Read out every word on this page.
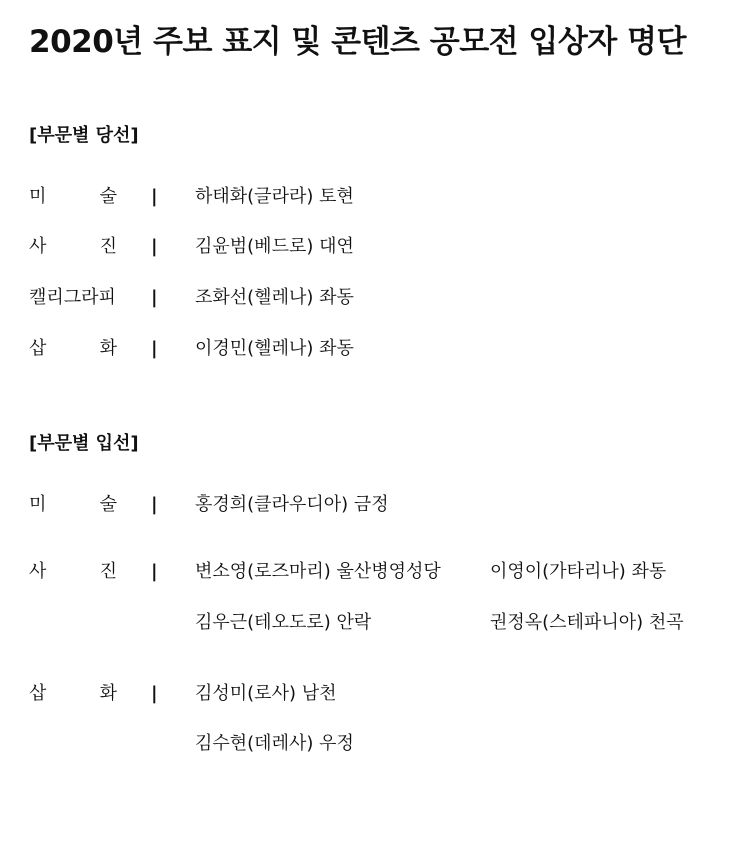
2020년 주보 표지 및 콘텐츠 공모전 입상자 명단
[부문별 당선]
미	술 | 하태화(글라라) 토현
사	진 | 김윤범(베드로) 대연
캘리그라피 | 조화선(헬레나) 좌동
삽	화 | 이경민(헬레나) 좌동
[부문별 입선]
미	술 | 홍경희(클라우디아) 금정
사	진 | 변소영(로즈마리) 울산병영성당	이영이(가타리나) 좌동
김우근(테오도로) 안락	권정옥(스테파니아) 천곡
삽	화 | 김성미(로사) 남천
김수현(데레사) 우정
